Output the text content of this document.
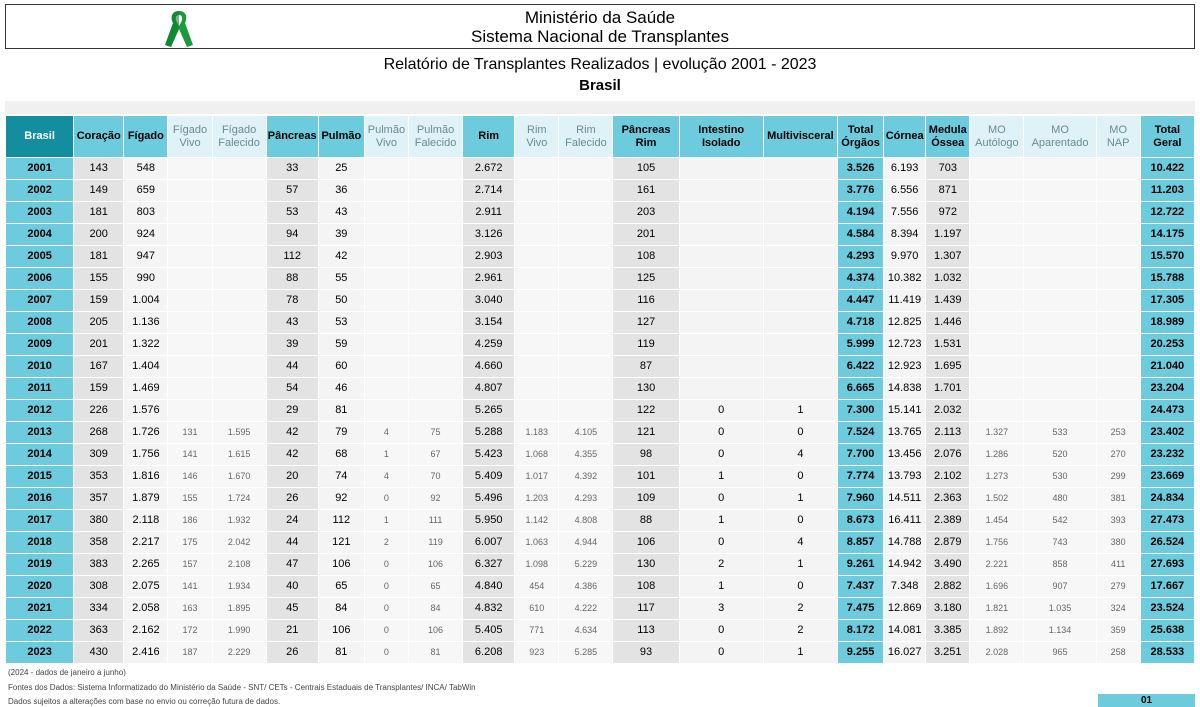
Ministério da Saúde
Sistema Nacional de Transplantes
Relatório de Transplantes Realizados | evolução 2001 - 2023
Brasil
Brasil	Coração	Fígado	Fígado Vivo	Fígado Falecido	Pâncreas	Pulmão	Pulmão Vivo	Pulmão Falecido	Rim	Rim Vivo	Rim Falecido	Pâncreas Rim	Intestino Isolado	Multivisceral	Total Órgãos	Córnea	Medula Óssea	MO Autólogo	MO Aparentado	MO NAP	Total Geral
2001	143	548			33	25			2.672			105			3.526	6.193	703				10.422
2002	149	659			57	36			2.714			161			3.776	6.556	871				11.203
2003	181	803			53	43			2.911			203			4.194	7.556	972				12.722
2004	200	924			94	39			3.126			201			4.584	8.394	1.197				14.175
2005	181	947			112	42			2.903			108			4.293	9.970	1.307				15.570
2006	155	990			88	55			2.961			125			4.374	10.382	1.032				15.788
2007	159	1.004			78	50			3.040			116			4.447	11.419	1.439				17.305
2008	205	1.136			43	53			3.154			127			4.718	12.825	1.446				18.989
2009	201	1.322			39	59			4.259			119			5.999	12.723	1.531				20.253
2010	167	1.404			44	60			4.660			87			6.422	12.923	1.695				21.040
2011	159	1.469			54	46			4.807			130			6.665	14.838	1.701				23.204
2012	226	1.576			29	81			5.265			122	0	1	7.300	15.141	2.032				24.473
2013	268	1.726	131	1.595	42	79	4	75	5.288	1.183	4.105	121	0	0	7.524	13.765	2.113	1.327	533	253	23.402
2014	309	1.756	141	1.615	42	68	1	67	5.423	1.068	4.355	98	0	4	7.700	13.456	2.076	1.286	520	270	23.232
2015	353	1.816	146	1.670	20	74	4	70	5.409	1.017	4.392	101	1	0	7.774	13.793	2.102	1.273	530	299	23.669
2016	357	1.879	155	1.724	26	92	0	92	5.496	1.203	4.293	109	0	1	7.960	14.511	2.363	1.502	480	381	24.834
2017	380	2.118	186	1.932	24	112	1	111	5.950	1.142	4.808	88	1	0	8.673	16.411	2.389	1.454	542	393	27.473
2018	358	2.217	175	2.042	44	121	2	119	6.007	1.063	4.944	106	0	4	8.857	14.788	2.879	1.756	743	380	26.524
2019	383	2.265	157	2.108	47	106	0	106	6.327	1.098	5.229	130	2	1	9.261	14.942	3.490	2.221	858	411	27.693
2020	308	2.075	141	1.934	40	65	0	65	4.840	454	4.386	108	1	0	7.437	7.348	2.882	1.696	907	279	17.667
2021	334	2.058	163	1.895	45	84	0	84	4.832	610	4.222	117	3	2	7.475	12.869	3.180	1.821	1.035	324	23.524
2022	363	2.162	172	1.990	21	106	0	106	5.405	771	4.634	113	0	2	8.172	14.081	3.385	1.892	1.134	359	25.638
2023	430	2.416	187	2.229	26	81	0	81	6.208	923	5.285	93	0	1	9.255	16.027	3.251	2.028	965	258	28.533
(2024 - dados de janeiro a junho)
Fontes dos Dados: Sistema Informatizado do Ministério da Saúde - SNT/ CETs - Centrais Estaduais de Transplantes/ INCA/ TabWin
Dados sujeitos a alterações com base no envio ou correção futura de dados.	01
